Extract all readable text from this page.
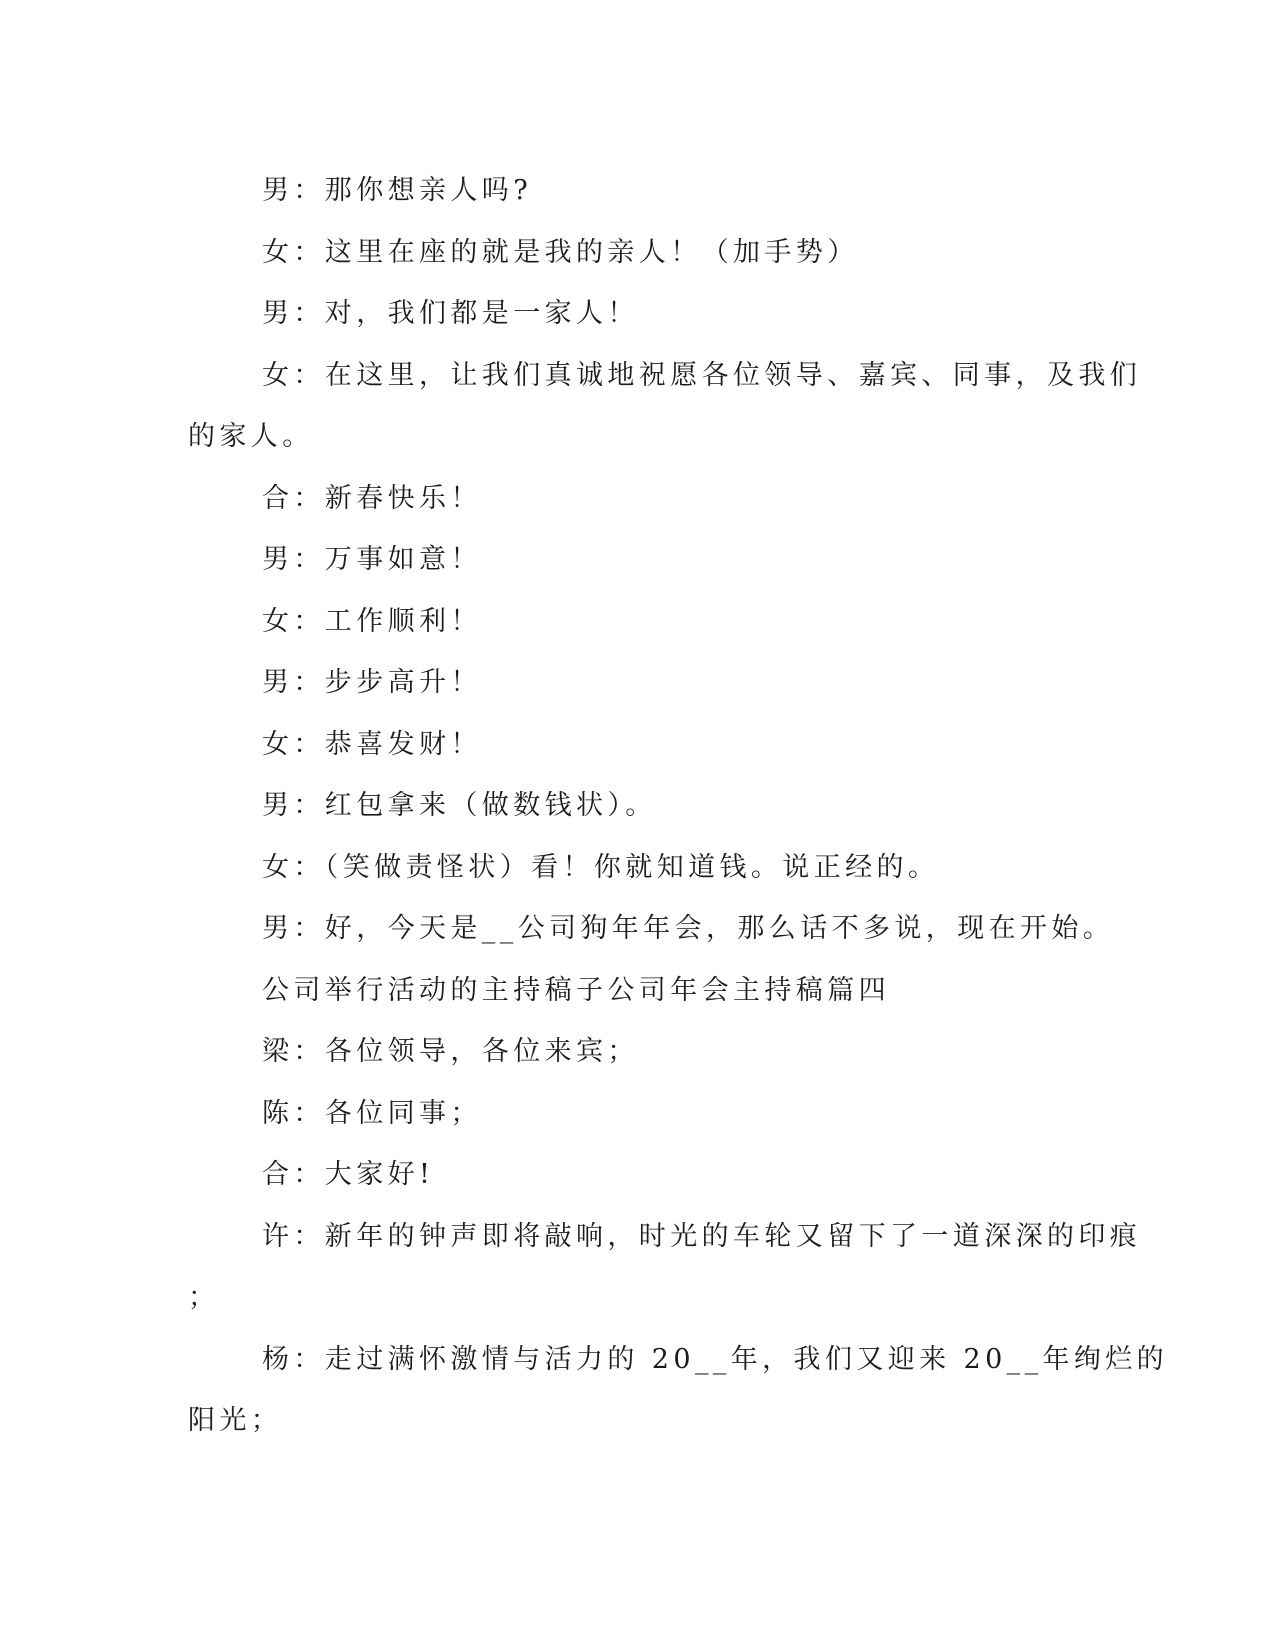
男：那你想亲人吗?

女：这里在座的就是我的亲人！（加手势）

男：对，我们都是一家人！

女：在这里，让我们真诚地祝愿各位领导、嘉宾、同事，及我们

的家人。

合：新春快乐！

男：万事如意！

女：工作顺利！

男：步步高升！

女：恭喜发财！

男：红包拿来（做数钱状）。

女：（笑做责怪状）看！你就知道钱。说正经的。

男：好，今天是__公司狗年年会，那么话不多说，现在开始。

公司举行活动的主持稿子公司年会主持稿篇四

梁：各位领导，各位来宾；

陈：各位同事；

合：大家好!

许：新年的钟声即将敲响，时光的车轮又留下了一道深深的印痕

；

杨：走过满怀激情与活力的 20__年，我们又迎来 20__年绚烂的

阳光；
